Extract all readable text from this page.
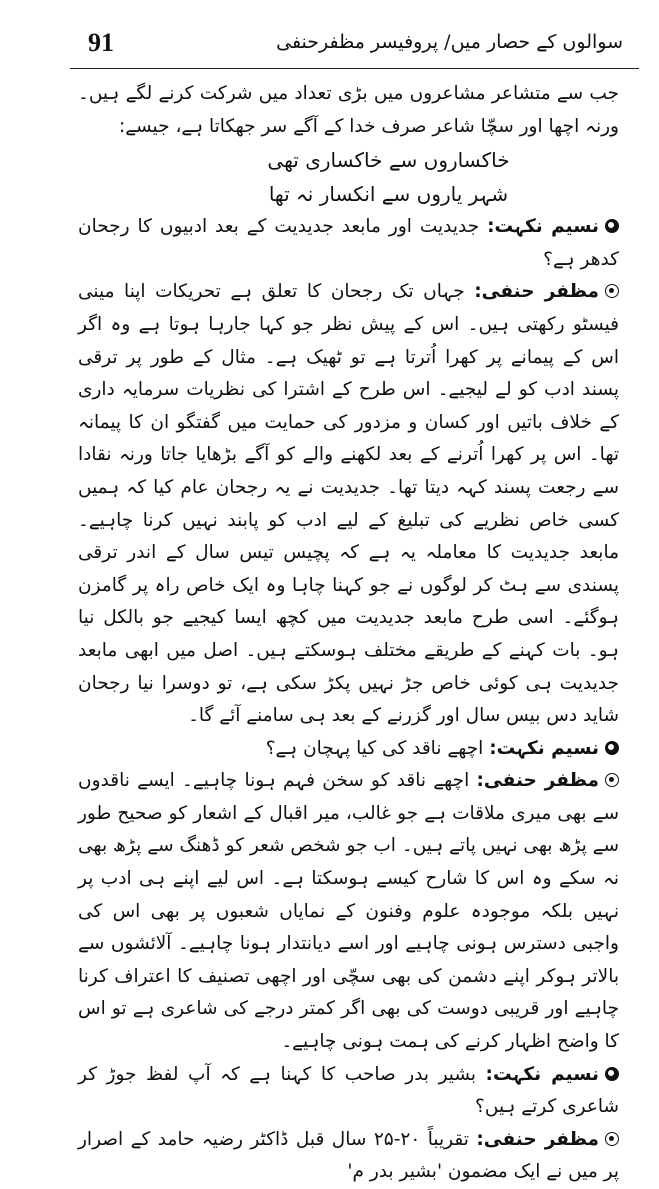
91	سوالوں کے حصار میں/ پروفیسر مظفرحنفی

جب سے متشاعر مشاعروں میں بڑی تعداد میں شرکت کرنے لگے ہیں۔ ورنہ اچھا اور سچّا شاعر صرف خدا کے آگے سر جھکاتا ہے، جیسے:

خاکساروں سے خاکساری تھی

شہر یاروں سے انکسار نہ تھا

نسیم نکہت: جدیدیت اور مابعد جدیدیت کے بعد ادبیوں کا رجحان کدھر ہے؟

مظفر حنفی: جہاں تک رجحان کا تعلق ہے تحریکات اپنا مینی فیسٹو رکھتی ہیں۔ اس کے پیش نظر جو کہا جارہا ہوتا ہے وہ اگر اس کے پیمانے پر کھرا اُترتا ہے تو ٹھیک ہے۔ مثال کے طور پر ترقی پسند ادب کو لے لیجیے۔ اس طرح کے اشترا کی نظریات سرمایہ داری کے خلاف باتیں اور کسان و مزدور کی حمایت میں گفتگو ان کا پیمانہ تھا۔ اس پر کھرا اُترنے کے بعد لکھنے والے کو آگے بڑھایا جاتا ورنہ نقادا سے رجعت پسند کہہ دیتا تھا۔ جدیدیت نے یہ رجحان عام کیا کہ ہمیں کسی خاص نظریے کی تبلیغ کے لیے ادب کو پابند نہیں کرنا چاہیے۔ مابعد جدیدیت کا معاملہ یہ ہے کہ پچیس تیس سال کے اندر ترقی پسندی سے ہٹ کر لوگوں نے جو کہنا چاہا وہ ایک خاص راہ پر گامزن ہوگئے۔ اسی طرح مابعد جدیدیت میں کچھ ایسا کیجیے جو بالکل نیا ہو۔ بات کہنے کے طریقے مختلف ہوسکتے ہیں۔ اصل میں ابھی مابعد جدیدیت ہی کوئی خاص جڑ نہیں پکڑ سکی ہے، تو دوسرا نیا رجحان شاید دس بیس سال اور گزرنے کے بعد ہی سامنے آئے گا۔

نسیم نکہت: اچھے ناقد کی کیا پہچان ہے؟

مظفر حنفی: اچھے ناقد کو سخن فہم ہونا چاہیے۔ ایسے ناقدوں سے بھی میری ملاقات ہے جو غالب، میر اقبال کے اشعار کو صحیح طور سے پڑھ بھی نہیں پاتے ہیں۔ اب جو شخص شعر کو ڈھنگ سے پڑھ بھی نہ سکے وہ اس کا شارح کیسے ہوسکتا ہے۔ اس لیے اپنے ہی ادب پر نہیں بلکہ موجودہ علوم وفنون کے نمایاں شعبوں پر بھی اس کی واجبی دسترس ہونی چاہیے اور اسے دیانتدار ہونا چاہیے۔ آلائشوں سے بالاتر ہوکر اپنے دشمن کی بھی سچّی اور اچھی تصنیف کا اعتراف کرنا چاہیے اور قریبی دوست کی بھی اگر کمتر درجے کی شاعری ہے تو اس کا واضح اظہار کرنے کی ہمت ہونی چاہیے۔

نسیم نکہت: بشیر بدر صاحب کا کہنا ہے کہ آپ لفظ جوڑ کر شاعری کرتے ہیں؟

مظفر حنفی: تقریباً ۲۰-۲۵ سال قبل ڈاکٹر رضیہ حامد کے اصرار پر میں نے ایک مضمون 'بشیر بدر م'
